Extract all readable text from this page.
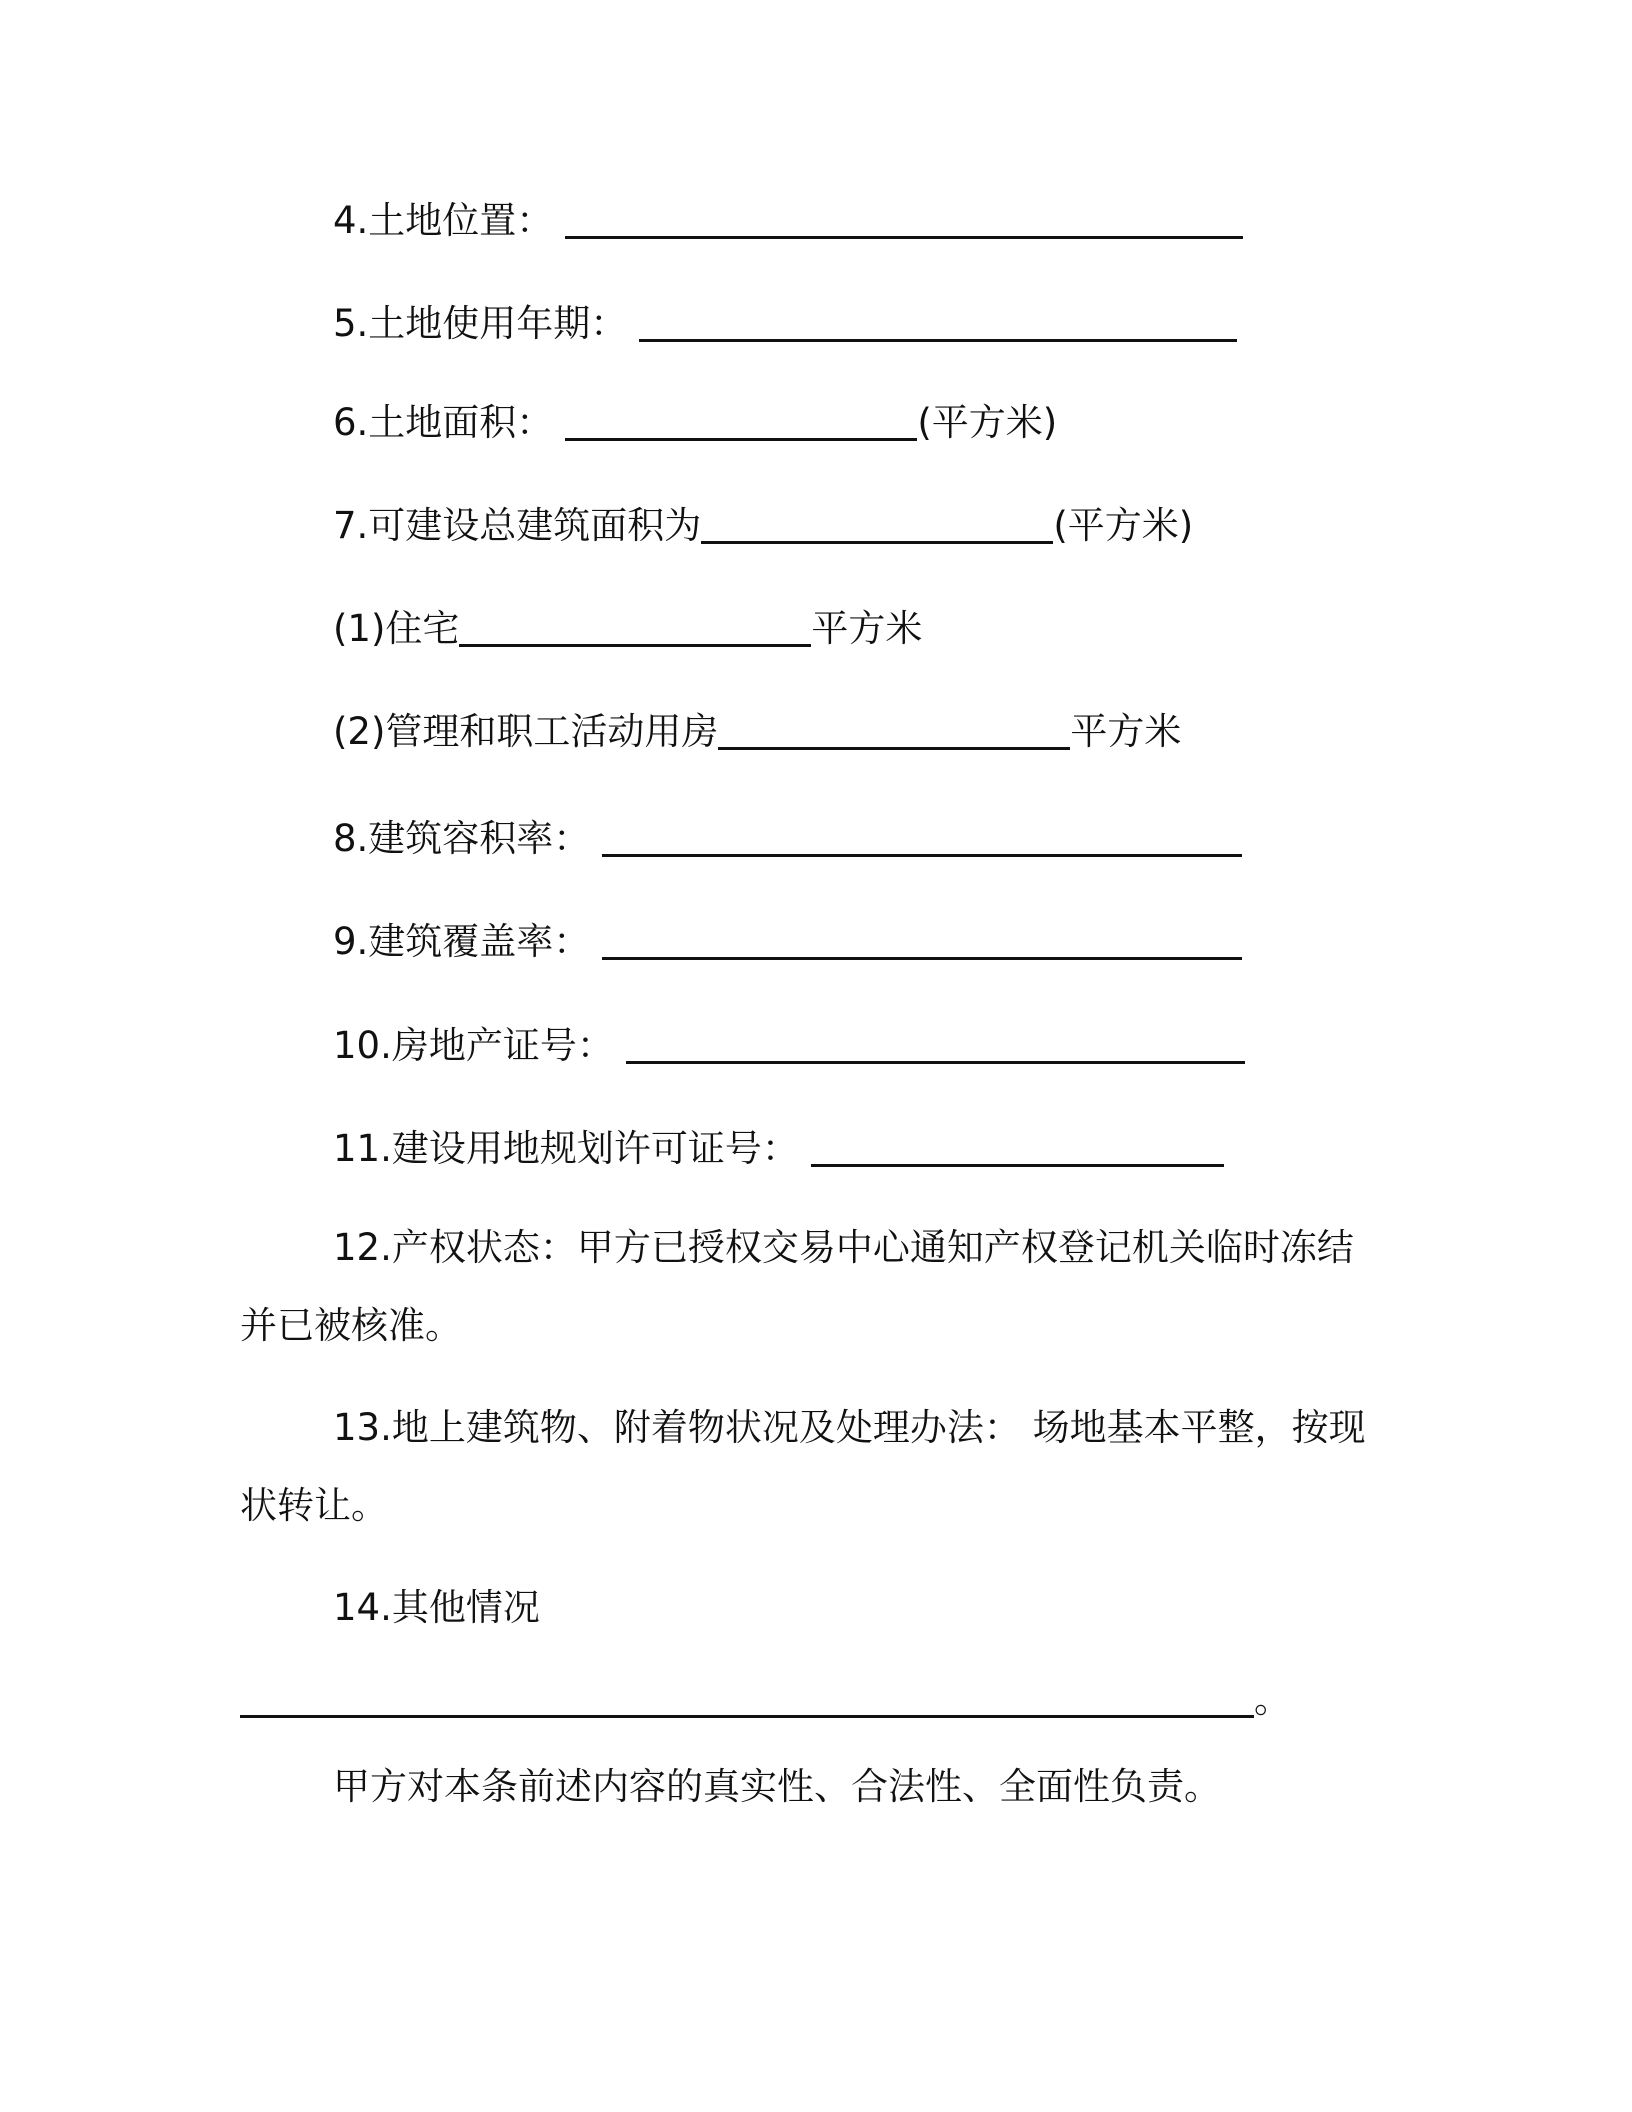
4.土地位置：
5.土地使用年期：
6.土地面积：	(平方米)
7.可建设总建筑面积为	(平方米)
(1)住宅	平方米
(2)管理和职工活动用房	平方米
8.建筑容积率：
9.建筑覆盖率：
10.房地产证号：
11.建设用地规划许可证号：
12.产权状态：甲方已授权交易中心通知产权登记机关临时冻结
并已被核准。
13.地上建筑物、附着物状况及处理办法： 场地基本平整，按现
状转让。
14.其他情况
。
甲方对本条前述内容的真实性、合法性、全面性负责。
